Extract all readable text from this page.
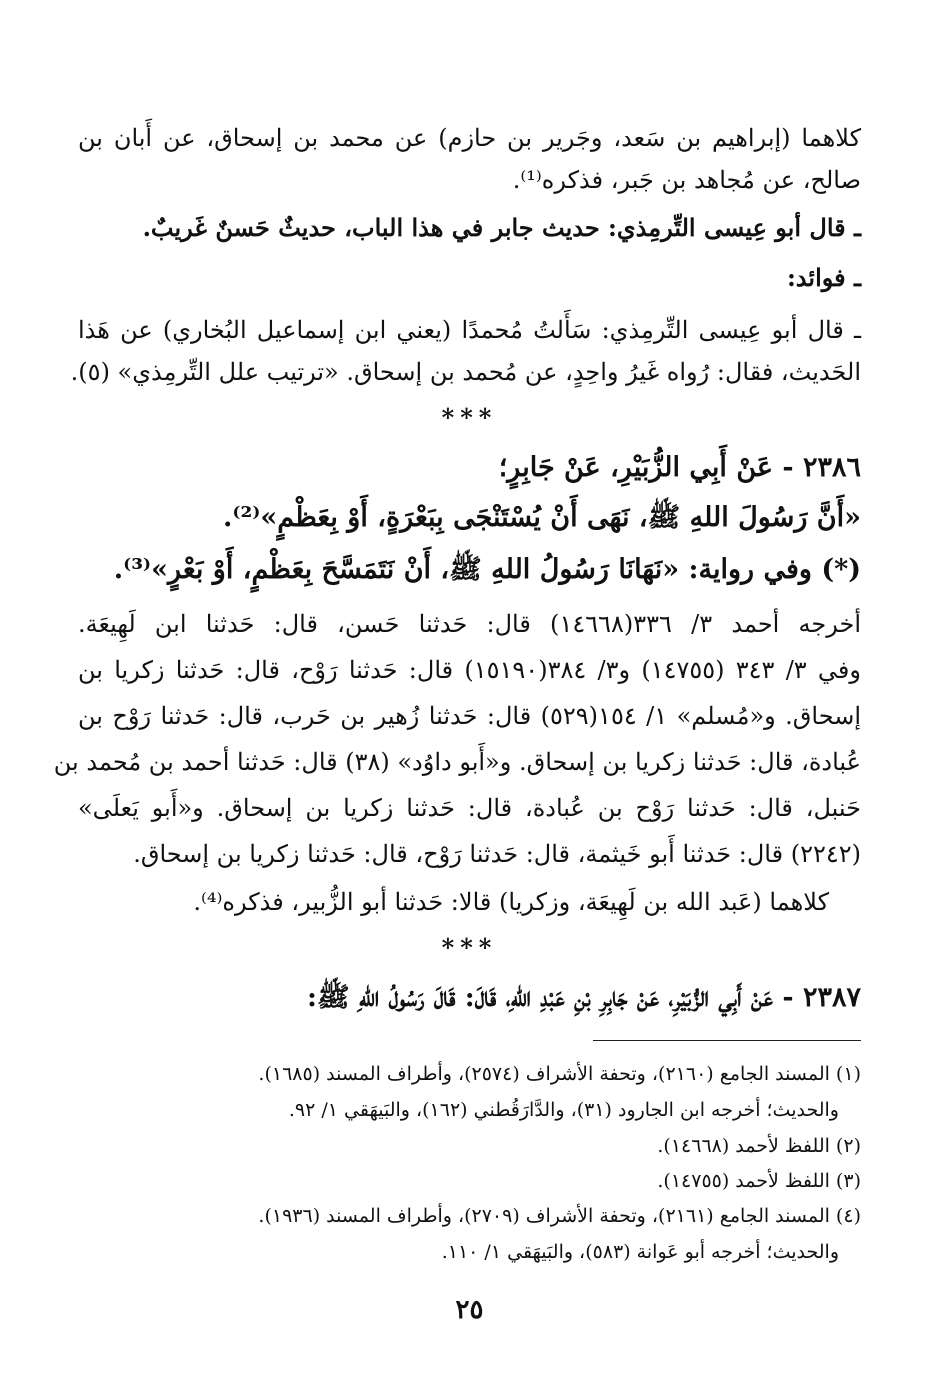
كلاهما (إبراهيم بن سَعد، وجَرير بن حازم) عن محمد بن إسحاق، عن أَبان بن
صالح، عن مُجاهد بن جَبر، فذكره⁽¹⁾.
ـ قال أبو عِيسى التِّرمِذي: حديث جابر في هذا الباب، حديثٌ حَسنٌ غَريبٌ.
ـ فوائد:
ـ قال أبو عِيسى التِّرمِذي: سَأَلتُ مُحمدًا (يعني ابن إسماعيل البُخاري) عن هَذا
الحَديث، فقال: رُواه غَيرُ واحِدٍ، عن مُحمد بن إسحاق. «ترتيب علل التِّرمِذي» (٥).
***
٢٣٨٦ - عَنْ أَبِي الزُّبَيْرِ، عَنْ جَابِرٍ؛
«أَنَّ رَسُولَ اللهِ ﷺ، نَهَى أَنْ يُسْتَنْجَى بِبَعْرَةٍ، أَوْ بِعَظْمٍ»⁽²⁾.
(*) وفي رواية: «نَهَانَا رَسُولُ اللهِ ﷺ، أَنْ نَتَمَسَّحَ بِعَظْمٍ، أَوْ بَعْرٍ»⁽³⁾.
أخرجه أحمد ٣/ ٣٣٦(١٤٦٦٨) قال: حَدثنا حَسن، قال: حَدثنا ابن لَهِيعَة.
وفي ٣/ ٣٤٣ (١٤٧٥٥) و٣/ ٣٨٤(١٥١٩٠) قال: حَدثنا رَوْح، قال: حَدثنا زكريا بن
إسحاق. و«مُسلم» ١/ ١٥٤(٥٢٩) قال: حَدثنا زُهير بن حَرب، قال: حَدثنا رَوْح بن
عُبادة، قال: حَدثنا زكريا بن إسحاق. و«أَبو داوُد» (٣٨) قال: حَدثنا أحمد بن مُحمد بن
حَنبل، قال: حَدثنا رَوْح بن عُبادة، قال: حَدثنا زكريا بن إسحاق. و«أَبو يَعلَى»
(٢٢٤٢) قال: حَدثنا أَبو خَيثمة، قال: حَدثنا رَوْح، قال: حَدثنا زكريا بن إسحاق.
كلاهما (عَبد الله بن لَهِيعَة، وزكريا) قالا: حَدثنا أبو الزُّبير، فذكره⁽⁴⁾.
***
٢٣٨٧ - عَنْ أَبِي الزُّبَيْرِ، عَنْ جَابِرِ بْنِ عَبْدِ اللهِ، قَالَ: قَالَ رَسُولُ اللهِ ﷺ:
(١) المسند الجامع (٢١٦٠)، وتحفة الأشراف (٢٥٧٤)، وأطراف المسند (١٦٨٥).
والحديث؛ أخرجه ابن الجارود (٣١)، والدَّارَقُطني (١٦٢)، والبَيهَقي ١/ ٩٢.
(٢) اللفظ لأحمد (١٤٦٦٨).
(٣) اللفظ لأحمد (١٤٧٥٥).
(٤) المسند الجامع (٢١٦١)، وتحفة الأشراف (٢٧٠٩)، وأطراف المسند (١٩٣٦).
والحديث؛ أخرجه أبو عَوانة (٥٨٣)، والبَيهَقي ١/ ١١٠.
٢٥
